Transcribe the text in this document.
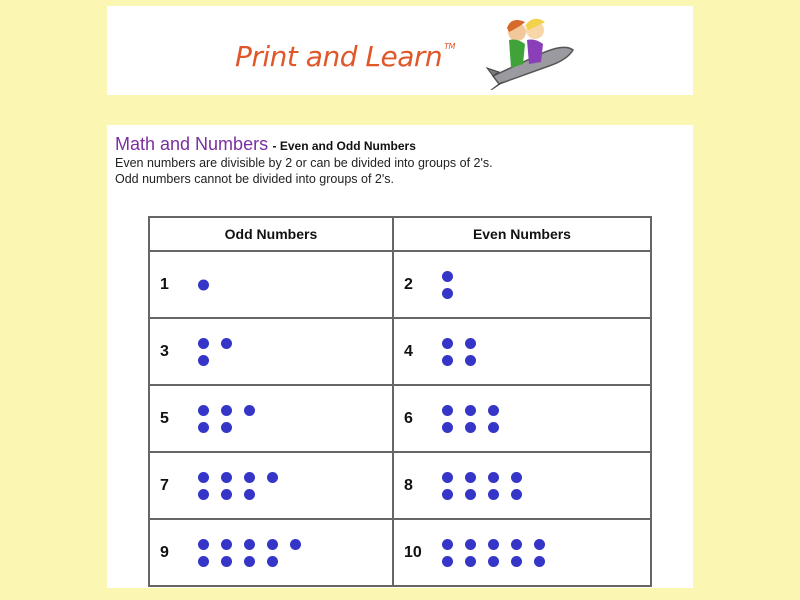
Print and Learn ™
Math and Numbers - Even and Odd Numbers
Even numbers are divisible by 2 or can be divided into groups of 2's.
Odd numbers cannot be divided into groups of 2's.
Odd Numbers	Even Numbers

1	2

3	4

5	6

7	8

9	10
